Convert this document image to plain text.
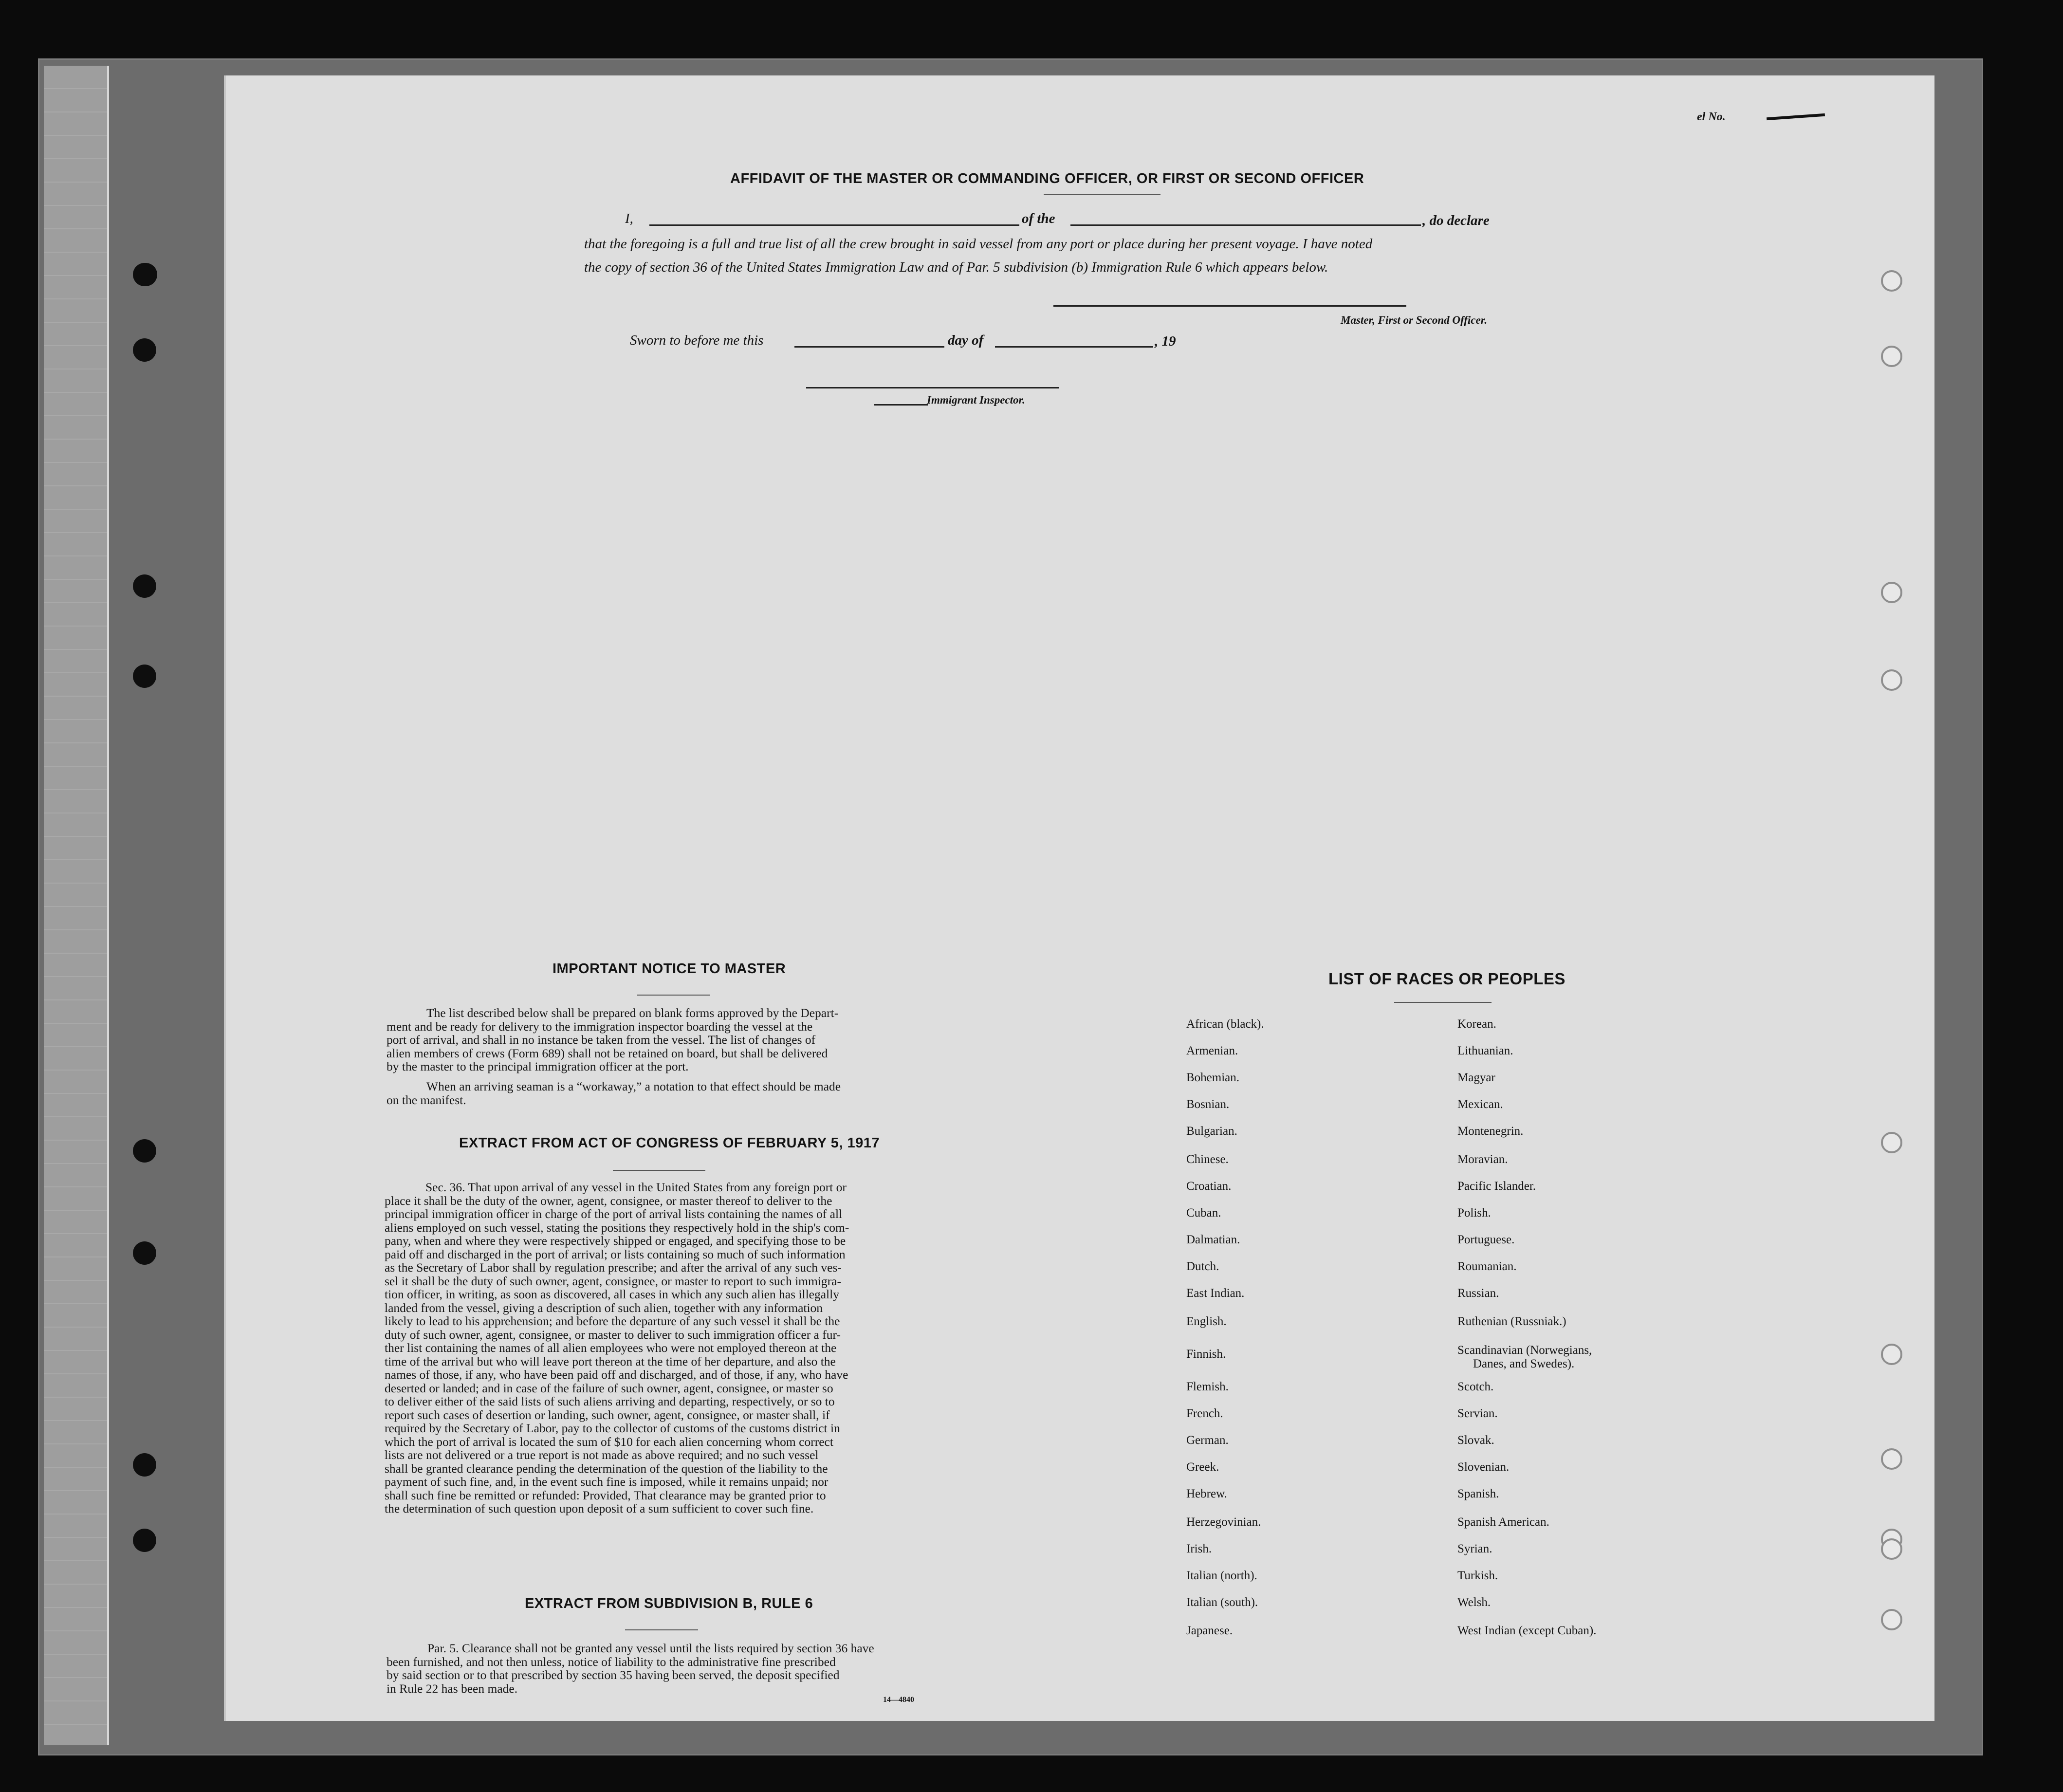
el No.
AFFIDAVIT OF THE MASTER OR COMMANDING OFFICER, OR FIRST OR SECOND OFFICER
I,	of the	, do declare
that the foregoing is a full and true list of all the crew brought in said vessel from any port or place during her present voyage. I have noted
the copy of section 36 of the United States Immigration Law and of Par. 5 subdivision (b) Immigration Rule 6 which appears below.
Master, First or Second Officer.
Sworn to before me this	day of	, 19
Immigrant Inspector.
IMPORTANT NOTICE TO MASTER
The list described below shall be prepared on blank forms approved by the Depart-
ment and be ready for delivery to the immigration inspector boarding the vessel at the
port of arrival, and shall in no instance be taken from the vessel. The list of changes of
alien members of crews (Form 689) shall not be retained on board, but shall be delivered
by the master to the principal immigration officer at the port.
When an arriving seaman is a “workaway,” a notation to that effect should be made
on the manifest.
EXTRACT FROM ACT OF CONGRESS OF FEBRUARY 5, 1917
Sec. 36. That upon arrival of any vessel in the United States from any foreign port or
place it shall be the duty of the owner, agent, consignee, or master thereof to deliver to the
principal immigration officer in charge of the port of arrival lists containing the names of all
aliens employed on such vessel, stating the positions they respectively hold in the ship's com-
pany, when and where they were respectively shipped or engaged, and specifying those to be
paid off and discharged in the port of arrival; or lists containing so much of such information
as the Secretary of Labor shall by regulation prescribe; and after the arrival of any such ves-
sel it shall be the duty of such owner, agent, consignee, or master to report to such immigra-
tion officer, in writing, as soon as discovered, all cases in which any such alien has illegally
landed from the vessel, giving a description of such alien, together with any information
likely to lead to his apprehension; and before the departure of any such vessel it shall be the
duty of such owner, agent, consignee, or master to deliver to such immigration officer a fur-
ther list containing the names of all alien employees who were not employed thereon at the
time of the arrival but who will leave port thereon at the time of her departure, and also the
names of those, if any, who have been paid off and discharged, and of those, if any, who have
deserted or landed; and in case of the failure of such owner, agent, consignee, or master so
to deliver either of the said lists of such aliens arriving and departing, respectively, or so to
report such cases of desertion or landing, such owner, agent, consignee, or master shall, if
required by the Secretary of Labor, pay to the collector of customs of the customs district in
which the port of arrival is located the sum of $10 for each alien concerning whom correct
lists are not delivered or a true report is not made as above required; and no such vessel
shall be granted clearance pending the determination of the question of the liability to the
payment of such fine, and, in the event such fine is imposed, while it remains unpaid; nor
shall such fine be remitted or refunded: Provided, That clearance may be granted prior to
the determination of such question upon deposit of a sum sufficient to cover such fine.
EXTRACT FROM SUBDIVISION B, RULE 6
Par. 5. Clearance shall not be granted any vessel until the lists required by section 36 have
been furnished, and not then unless, notice of liability to the administrative fine prescribed
by said section or to that prescribed by section 35 having been served, the deposit specified
in Rule 22 has been made.
14—4840
LIST OF RACES OR PEOPLES
African (black).
Armenian.
Bohemian.
Bosnian.
Bulgarian.
Chinese.
Croatian.
Cuban.
Dalmatian.
Dutch.
East Indian.
English.
Finnish.
Flemish.
French.
German.
Greek.
Hebrew.
Herzegovinian.
Irish.
Italian (north).
Italian (south).
Japanese.
Korean.
Lithuanian.
Magyar
Mexican.
Montenegrin.
Moravian.
Pacific Islander.
Polish.
Portuguese.
Roumanian.
Russian.
Ruthenian (Russniak.)
Scandinavian (Norwegians,
Danes, and Swedes).
Scotch.
Servian.
Slovak.
Slovenian.
Spanish.
Spanish American.
Syrian.
Turkish.
Welsh.
West Indian (except Cuban).
